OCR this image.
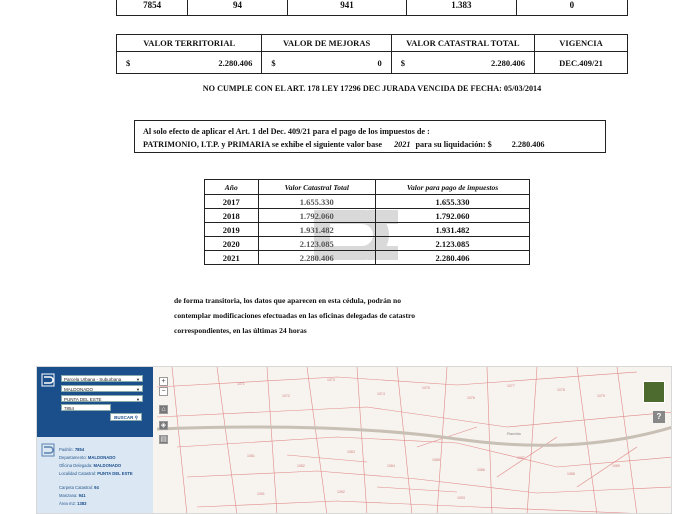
7854	94	941	1.383	0
VALOR TERRITORIAL	VALOR DE MEJORAS	VALOR CATASTRAL TOTAL	VIGENCIA

$ 2.280.406	$ 0	$ 2.280.406	DEC.409/21
NO CUMPLE CON EL ART. 178 LEY 17296 DEC JURADA VENCIDA DE FECHA: 05/03/2014
Al solo efecto de aplicar el Art. 1 del Dec. 409/21 para el pago de los impuestos de :
PATRIMONIO, I.T.P. y PRIMARIA se exhibe el siguiente valor base 2021 para su liquidación: $ 2.280.406
Año	Valor Catastral Total	Valor para pago de impuestos
2017	1.655.330	1.655.330
2018	1.792.060	1.792.060
2019	1.931.482	1.931.482
2020	2.123.085	2.123.085
2021	2.280.406	2.280.406
de forma transitoria, los datos que aparecen en esta cédula, podrán no
contemplar modificaciones efectuadas en las oficinas delegadas de catastro
correspondientes, en las últimas 24 horas
1071
1072
1073
1074
1075
1076
1077
1078
1079
1081
1082
1083
1084
1085
1086
1087
1088
1089
1091	1092
1093
Rambla
Parcela Urbana - Suburbana	▼
MALDONADO	▼
PUNTA DEL ESTE	▼
7854
BUSCAR ⚲
Padrón: 7854
Departamento: MALDONADO
Oficina Delegada: MALDONADO
Localidad Catastral: PUNTA DEL ESTE
Carpeta Catastral: 94
Manzana: 941
Área m2: 1383
+
−
⌂
◈
▤
?
